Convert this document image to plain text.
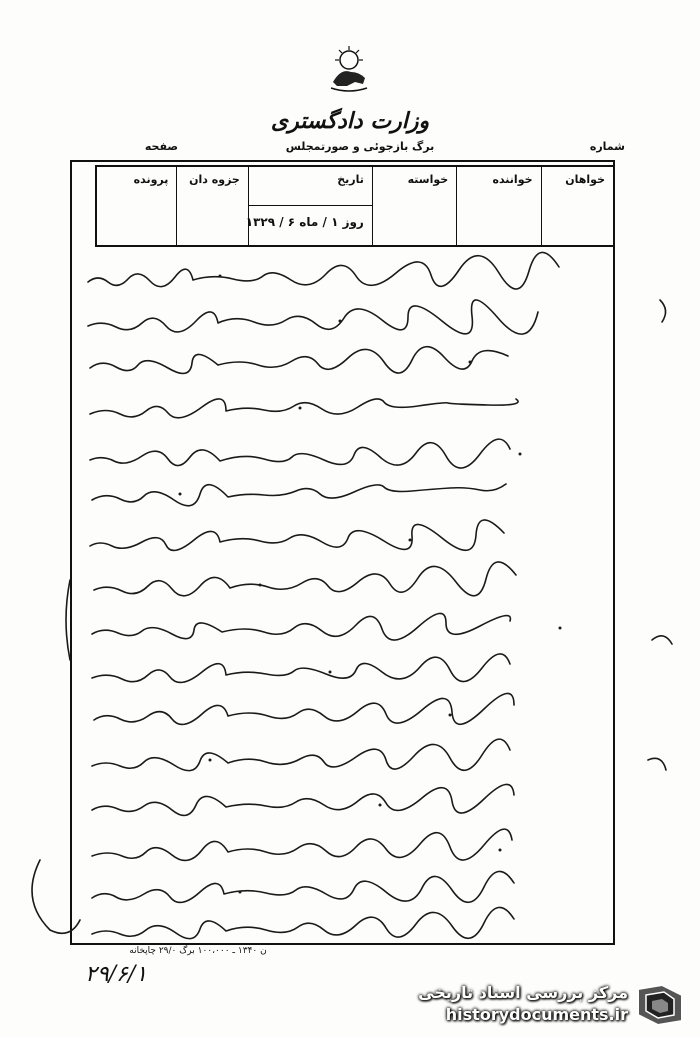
وزارت دادگستری
شماره
برگ بازجوئی و صورتمجلس
صفحه
خواهان
خواننده
خواسته
تاریخ
روز ۱ / ماه ۶ / ۱۳۲۹
جزوه دان
پرونده
ن ۱۳۴۰ ـ ۱۰۰،۰۰۰ برگ ۲۹/۰ چاپخانه
۲۹/۶/۱
مرکز بررسی اسناد تاریخی
historydocuments.ir
